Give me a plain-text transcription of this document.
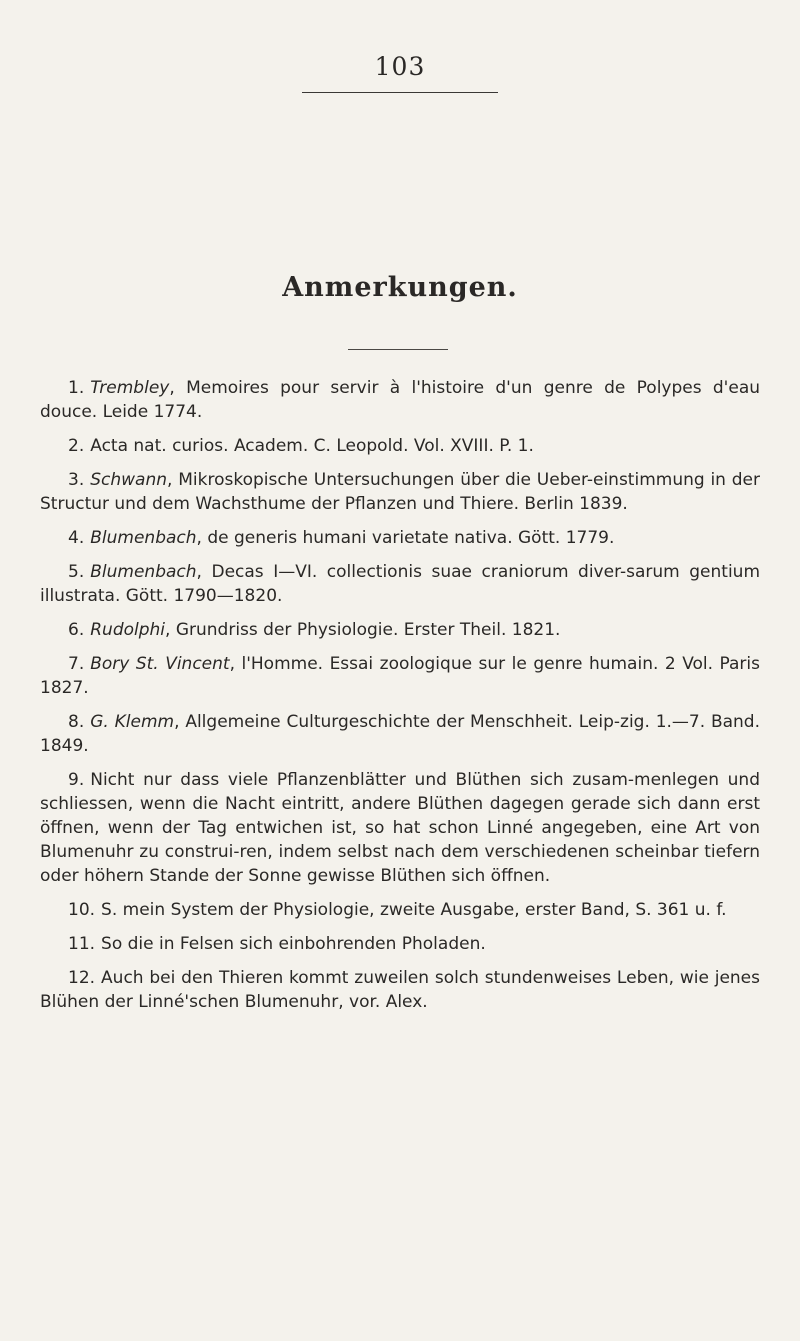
103
Anmerkungen.

1. Trembley , Memoires pour servir à l'histoire d'un genre de Polypes d'eau douce. Leide 1774.

2. Acta nat. curios. Academ. C. Leopold. Vol. XVIII. P. 1.

3. Schwann , Mikroskopische Untersuchungen über die Ueber-einstimmung in der Structur und dem Wachsthume der Pflanzen und Thiere. Berlin 1839.

4. Blumenbach , de generis humani varietate nativa. Gött. 1779.

5. Blumenbach , Decas I—VI. collectionis suae craniorum diver-sarum gentium illustrata. Gött. 1790—1820.

6. Rudolphi , Grundriss der Physiologie. Erster Theil. 1821.

7. Bory St. Vincent , l'Homme. Essai zoologique sur le genre humain. 2 Vol. Paris 1827.

8. G. Klemm , Allgemeine Culturgeschichte der Menschheit. Leip-zig. 1.—7. Band. 1849.

9. Nicht nur dass viele Pflanzenblätter und Blüthen sich zusam-menlegen und schliessen, wenn die Nacht eintritt, andere Blüthen dagegen gerade sich dann erst öffnen, wenn der Tag entwichen ist, so hat schon Linné angegeben, eine Art von Blumenuhr zu construi-ren, indem selbst nach dem verschiedenen scheinbar tiefern oder höhern Stande der Sonne gewisse Blüthen sich öffnen.

10. S. mein System der Physiologie, zweite Ausgabe, erster Band, S. 361 u. f.

11. So die in Felsen sich einbohrenden Pholaden.

12. Auch bei den Thieren kommt zuweilen solch stundenweises Leben, wie jenes Blühen der Linné'schen Blumenuhr, vor. Alex.
